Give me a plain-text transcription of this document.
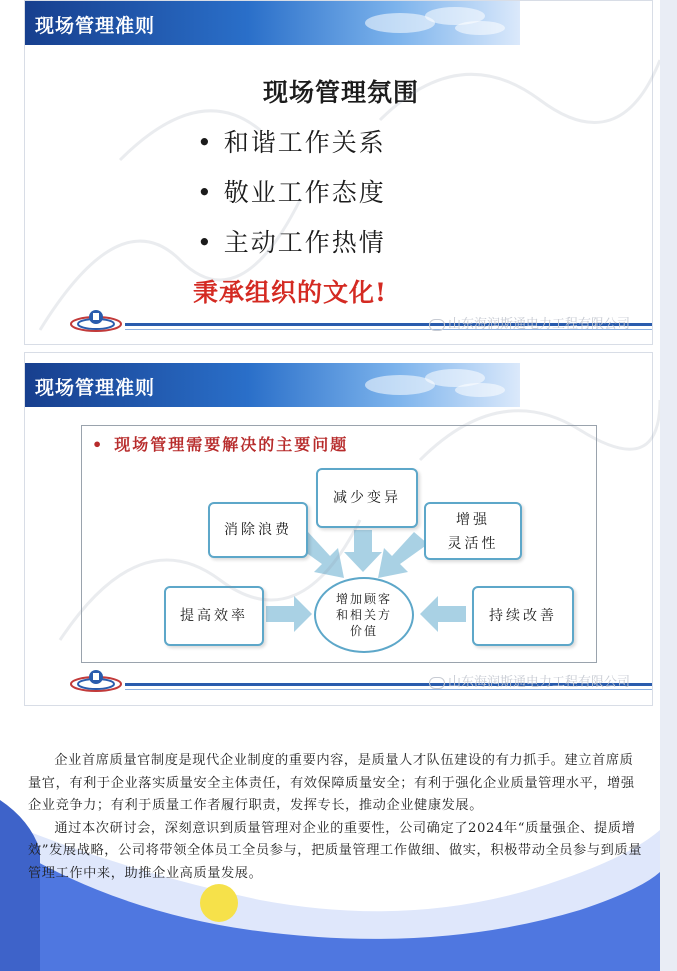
现场管理准则
现场管理氛围
• 和谐工作关系
• 敬业工作态度
• 主动工作热情
秉承组织的文化!
山东海润斯通电力工程有限公司
现场管理准则
• 现场管理需要解决的主要问题
消除浪费
减少变异
增强
灵活性
提高效率	持续改善
增加顾客
和相关方
价值
山东海润斯通电力工程有限公司

企业首席质量官制度是现代企业制度的重要内容，是质量人才队伍建设的有力抓手。建立首席质量官，有利于企业落实质量安全主体责任，有效保障质量安全；有利于强化企业质量管理水平，增强企业竞争力；有利于质量工作者履行职责，发挥专长，推动企业健康发展。

通过本次研讨会，深刻意识到质量管理对企业的重要性，公司确定了2024年“质量强企、提质增效”发展战略，公司将带领全体员工全员参与，把质量管理工作做细、做实，积极带动全员参与到质量管理工作中来，助推企业高质量发展。
